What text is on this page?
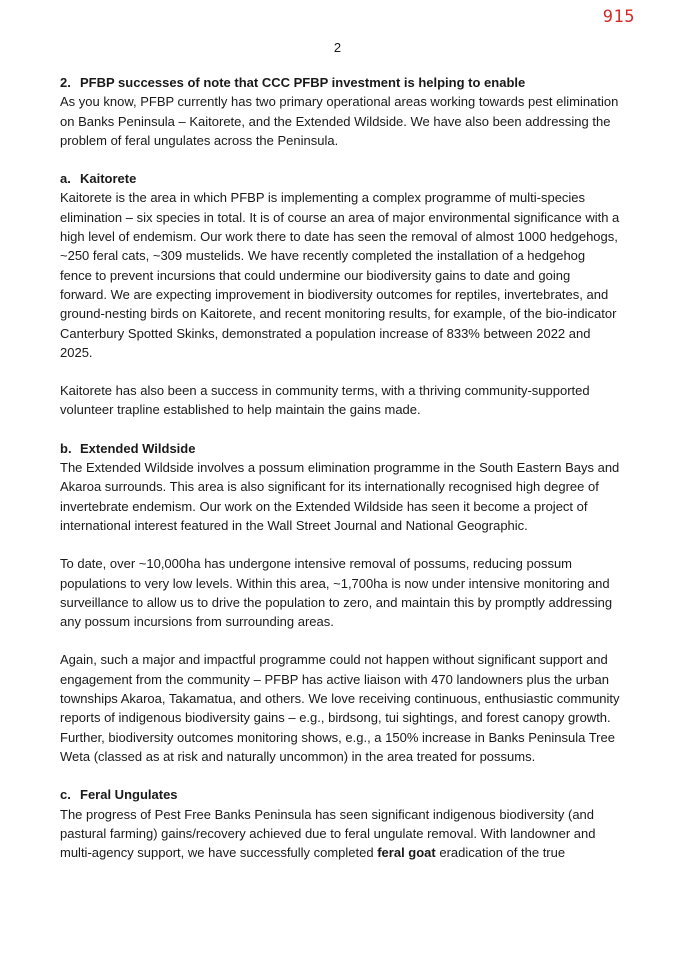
915
2

2. PFBP successes of note that CCC PFBP investment is helping to enable

As you know, PFBP currently has two primary operational areas working towards pest elimination on Banks Peninsula – Kaitorete, and the Extended Wildside. We have also been addressing the problem of feral ungulates across the Peninsula.

a. Kaitorete

Kaitorete is the area in which PFBP is implementing a complex programme of multi-species elimination – six species in total. It is of course an area of major environmental significance with a high level of endemism. Our work there to date has seen the removal of almost 1000 hedgehogs, ~250 feral cats, ~309 mustelids. We have recently completed the installation of a hedgehog fence to prevent incursions that could undermine our biodiversity gains to date and going forward. We are expecting improvement in biodiversity outcomes for reptiles, invertebrates, and ground-nesting birds on Kaitorete, and recent monitoring results, for example, of the bio-indicator Canterbury Spotted Skinks, demonstrated a population increase of 833% between 2022 and 2025.

Kaitorete has also been a success in community terms, with a thriving community-supported volunteer trapline established to help maintain the gains made.

b. Extended Wildside

The Extended Wildside involves a possum elimination programme in the South Eastern Bays and Akaroa surrounds. This area is also significant for its internationally recognised high degree of invertebrate endemism. Our work on the Extended Wildside has seen it become a project of international interest featured in the Wall Street Journal and National Geographic.

To date, over ~10,000ha has undergone intensive removal of possums, reducing possum populations to very low levels. Within this area, ~1,700ha is now under intensive monitoring and surveillance to allow us to drive the population to zero, and maintain this by promptly addressing any possum incursions from surrounding areas.

Again, such a major and impactful programme could not happen without significant support and engagement from the community – PFBP has active liaison with 470 landowners plus the urban townships Akaroa, Takamatua, and others. We love receiving continuous, enthusiastic community reports of indigenous biodiversity gains – e.g., birdsong, tui sightings, and forest canopy growth. Further, biodiversity outcomes monitoring shows, e.g., a 150% increase in Banks Peninsula Tree Weta (classed as at risk and naturally uncommon) in the area treated for possums.

c. Feral Ungulates

The progress of Pest Free Banks Peninsula has seen significant indigenous biodiversity (and pastural farming) gains/recovery achieved due to feral ungulate removal. With landowner and multi-agency support, we have successfully completed feral goat eradication of the true
